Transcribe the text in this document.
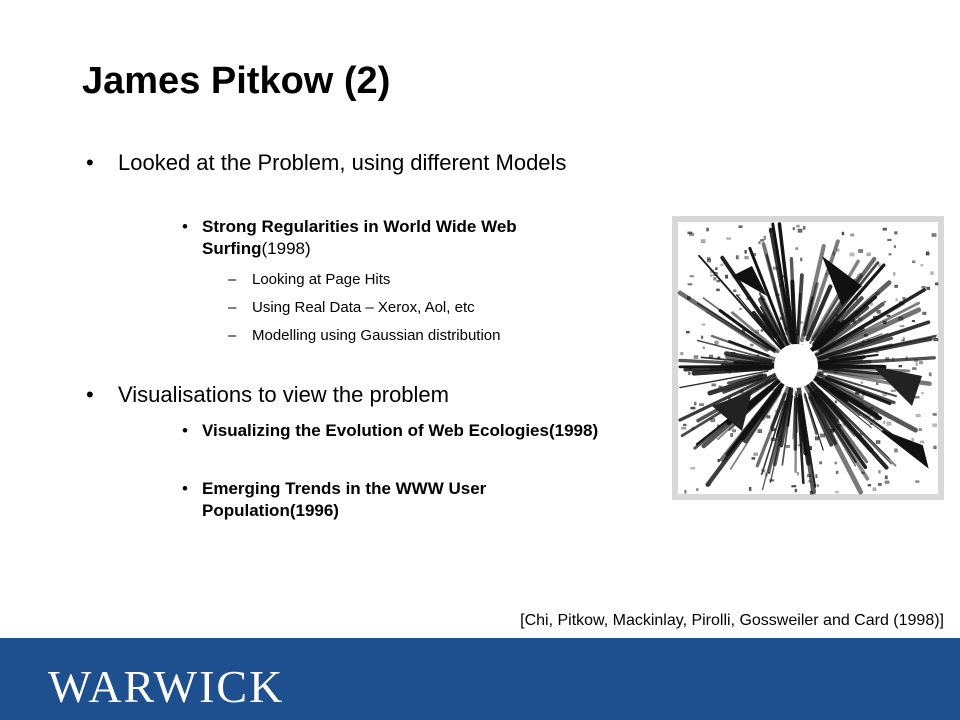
James Pitkow (2)
• Looked at the Problem, using different Models
• Strong Regularities in World Wide Web Surfing(1998)
– Looking at Page Hits
– Using Real Data – Xerox, Aol, etc
– Modelling using Gaussian distribution
• Visualisations to view the problem
• Visualizing the Evolution of Web Ecologies(1998)
• Emerging Trends in the WWW User Population(1996)
[Chi, Pitkow, Mackinlay, Pirolli, Gossweiler and Card (1998)]
WARWICK
